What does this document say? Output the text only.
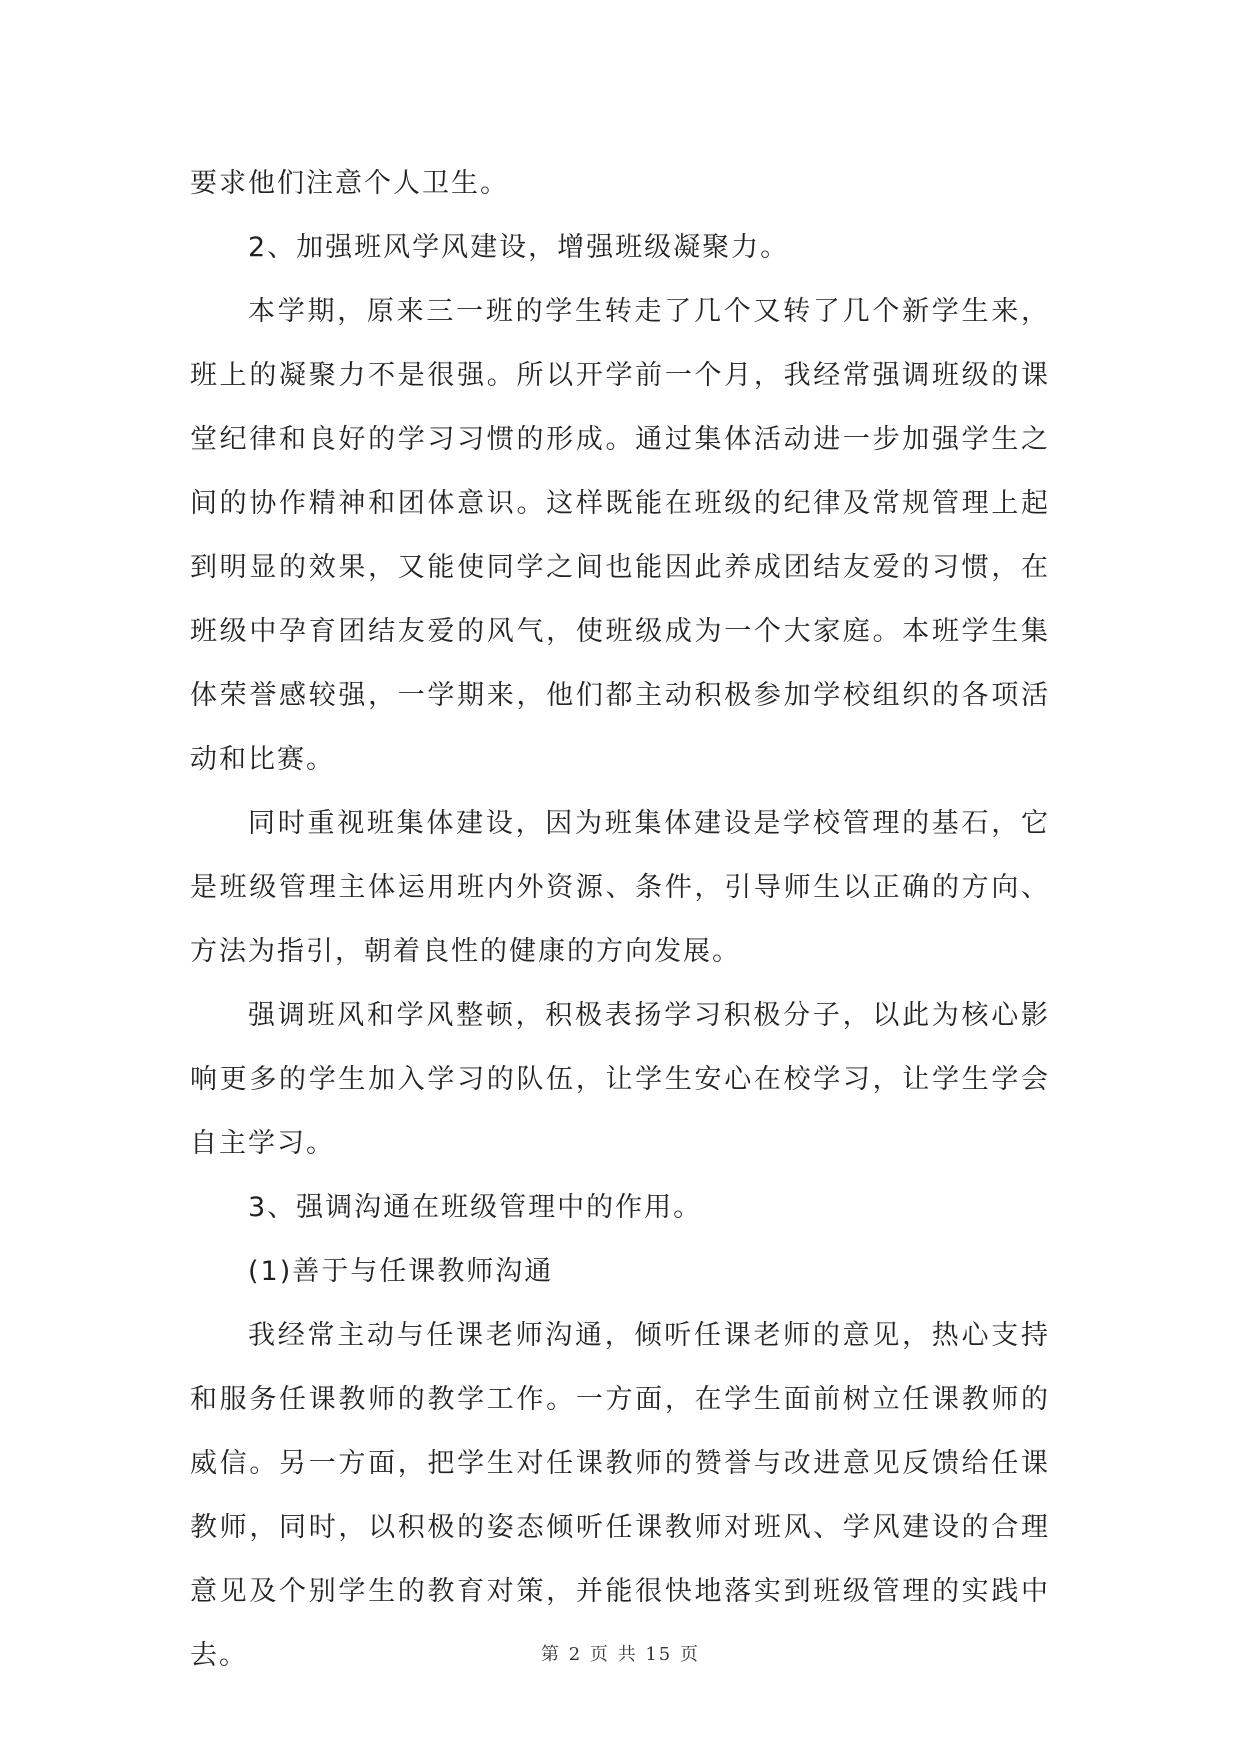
要求他们注意个人卫生。

2、加强班风学风建设，增强班级凝聚力。

本学期，原来三一班的学生转走了几个又转了几个新学生来，班上的凝聚力不是很强。所以开学前一个月，我经常强调班级的课堂纪律和良好的学习习惯的形成。通过集体活动进一步加强学生之间的协作精神和团体意识。这样既能在班级的纪律及常规管理上起到明显的效果，又能使同学之间也能因此养成团结友爱的习惯，在班级中孕育团结友爱的风气，使班级成为一个大家庭。本班学生集体荣誉感较强，一学期来，他们都主动积极参加学校组织的各项活动和比赛。

同时重视班集体建设，因为班集体建设是学校管理的基石，它是班级管理主体运用班内外资源、条件，引导师生以正确的方向、方法为指引，朝着良性的健康的方向发展。

强调班风和学风整顿，积极表扬学习积极分子，以此为核心影响更多的学生加入学习的队伍，让学生安心在校学习，让学生学会自主学习。

3、强调沟通在班级管理中的作用。

(1)善于与任课教师沟通

我经常主动与任课老师沟通，倾听任课老师的意见，热心支持和服务任课教师的教学工作。一方面，在学生面前树立任课教师的威信。另一方面，把学生对任课教师的赞誉与改进意见反馈给任课教师，同时，以积极的姿态倾听任课教师对班风、学风建设的合理意见及个别学生的教育对策，并能很快地落实到班级管理的实践中去。	第 2 页 共 15 页
